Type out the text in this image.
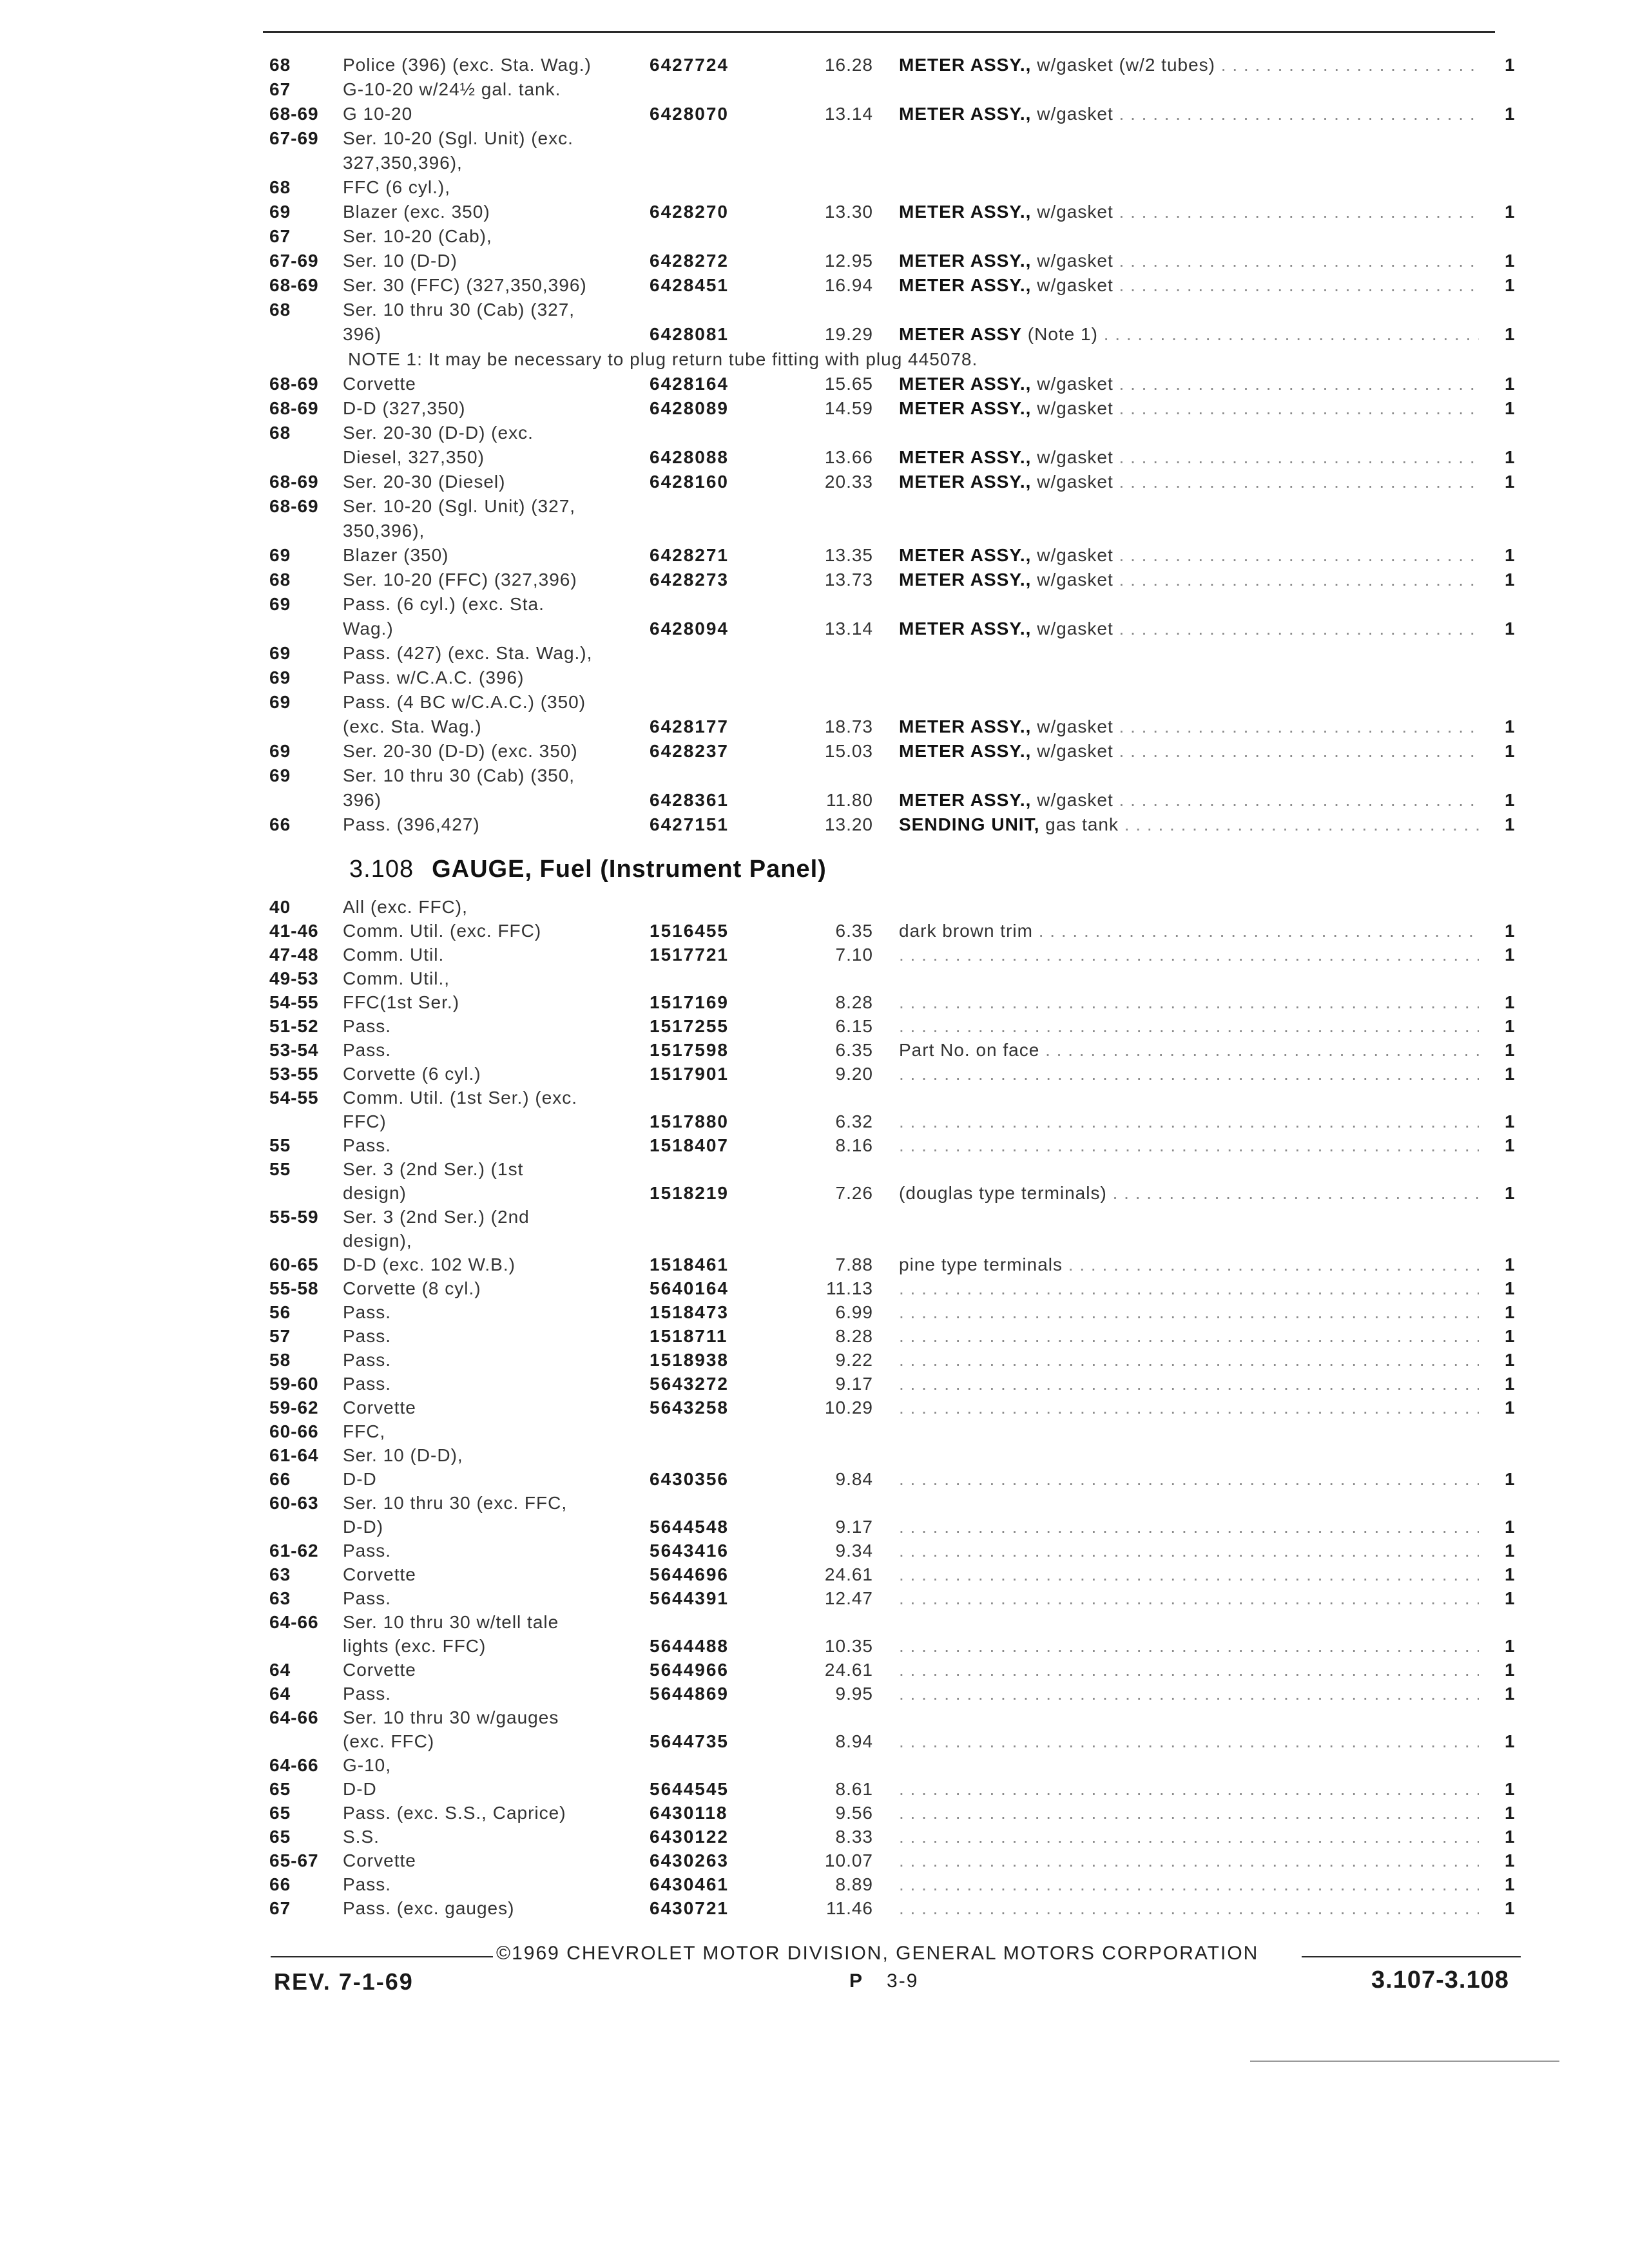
68	Police (396) (exc. Sta. Wag.)	6427724	16.28 METER ASSY., w/gasket (w/2 tubes) . . .	1
67	G-10-20 w/24½ gal. tank.
68-69 G 10-20	6428070	13.14 METER ASSY., w/gasket . . .	1
67-69 Ser. 10-20 (Sgl. Unit) (exc.
327,350,396),
68	FFC (6 cyl.),
69	Blazer (exc. 350)	6428270	13.30 METER ASSY., w/gasket . . .	1
67	Ser. 10-20 (Cab),
67-69 Ser. 10 (D-D)	6428272	12.95 METER ASSY., w/gasket . . .	1
68-69 Ser. 30 (FFC) (327,350,396)	6428451	16.94 METER ASSY., w/gasket . . .	1
68	Ser. 10 thru 30 (Cab) (327,
396)	6428081	19.29 METER ASSY (Note 1) . . .	1
NOTE 1: It may be necessary to plug return tube fitting with plug 445078.
68-69 Corvette	6428164	15.65 METER ASSY., w/gasket . . .	1
68-69 D-D (327,350)	6428089	14.59 METER ASSY., w/gasket . . .	1
68	Ser. 20-30 (D-D) (exc.
Diesel, 327,350)	6428088	13.66 METER ASSY., w/gasket . . .	1
68-69 Ser. 20-30 (Diesel)	6428160	20.33 METER ASSY., w/gasket . . .	1
68-69 Ser. 10-20 (Sgl. Unit) (327,
350,396),
69	Blazer (350)	6428271	13.35 METER ASSY., w/gasket . . .	1
68	Ser. 10-20 (FFC) (327,396)	6428273	13.73 METER ASSY., w/gasket . . .	1
69	Pass. (6 cyl.) (exc. Sta.
Wag.)	6428094	13.14 METER ASSY., w/gasket . . .	1
69	Pass. (427) (exc. Sta. Wag.),
69	Pass. w/C.A.C. (396)
69	Pass. (4 BC w/C.A.C.) (350)
(exc. Sta. Wag.)	6428177	18.73 METER ASSY., w/gasket . . .	1
69	Ser. 20-30 (D-D) (exc. 350)	6428237	15.03 METER ASSY., w/gasket . . .	1
69	Ser. 10 thru 30 (Cab) (350,
396)	6428361	11.80 METER ASSY., w/gasket . . .	1
66	Pass. (396,427)	6427151	13.20 SENDING UNIT, gas tank . . .	1
3.108 GAUGE, Fuel (Instrument Panel)
40	All (exc. FFC),
41-46 Comm. Util. (exc. FFC)	1516455	6.35 dark brown trim . . .	1
47-48 Comm. Util.	1517721	7.10 . . .	1
49-53 Comm. Util.,
54-55 FFC(1st Ser.)	1517169	8.28 . . .	1
51-52 Pass.	1517255	6.15 . . .	1
53-54 Pass.	1517598	6.35 Part No. on face . . .	1
53-55 Corvette (6 cyl.)	1517901	9.20 . . .	1
54-55 Comm. Util. (1st Ser.) (exc.
FFC)	1517880	6.32 . . .	1
55	Pass.	1518407	8.16 . . .	1
55	Ser. 3 (2nd Ser.) (1st
design)	1518219	7.26 (douglas type terminals) . . .	1
55-59 Ser. 3 (2nd Ser.) (2nd
design),
60-65 D-D (exc. 102 W.B.)	1518461	7.88 pine type terminals . . .	1
55-58 Corvette (8 cyl.)	5640164	11.13 . . .	1
56	Pass.	1518473	6.99 . . .	1
57	Pass.	1518711	8.28 . . .	1
58	Pass.	1518938	9.22 . . .	1
59-60 Pass.	5643272	9.17 . . .	1
59-62 Corvette	5643258	10.29 . . .	1
60-66 FFC,
61-64 Ser. 10 (D-D),
66	D-D	6430356	9.84 . . .	1
60-63 Ser. 10 thru 30 (exc. FFC,
D-D)	5644548	9.17 . . .	1
61-62 Pass.	5643416	9.34 . . .	1
63	Corvette	5644696	24.61 . . .	1
63	Pass.	5644391	12.47 . . .	1
64-66 Ser. 10 thru 30 w/tell tale
lights (exc. FFC)	5644488	10.35 . . .	1
64	Corvette	5644966	24.61 . . .	1
64	Pass.	5644869	9.95 . . .	1
64-66 Ser. 10 thru 30 w/gauges
(exc. FFC)	5644735	8.94 . . .	1
64-66 G-10,
65	D-D	5644545	8.61 . . .	1
65	Pass. (exc. S.S., Caprice)	6430118	9.56 . . .	1
65	S.S.	6430122	8.33 . . .	1
65-67 Corvette	6430263	10.07 . . .	1
66	Pass.	6430461	8.89 . . .	1
67	Pass. (exc. gauges)	6430721	11.46 . . .	1
©1969 CHEVROLET MOTOR DIVISION, GENERAL MOTORS CORPORATION
REV. 7-1-69	P 3-9	3.107-3.108
